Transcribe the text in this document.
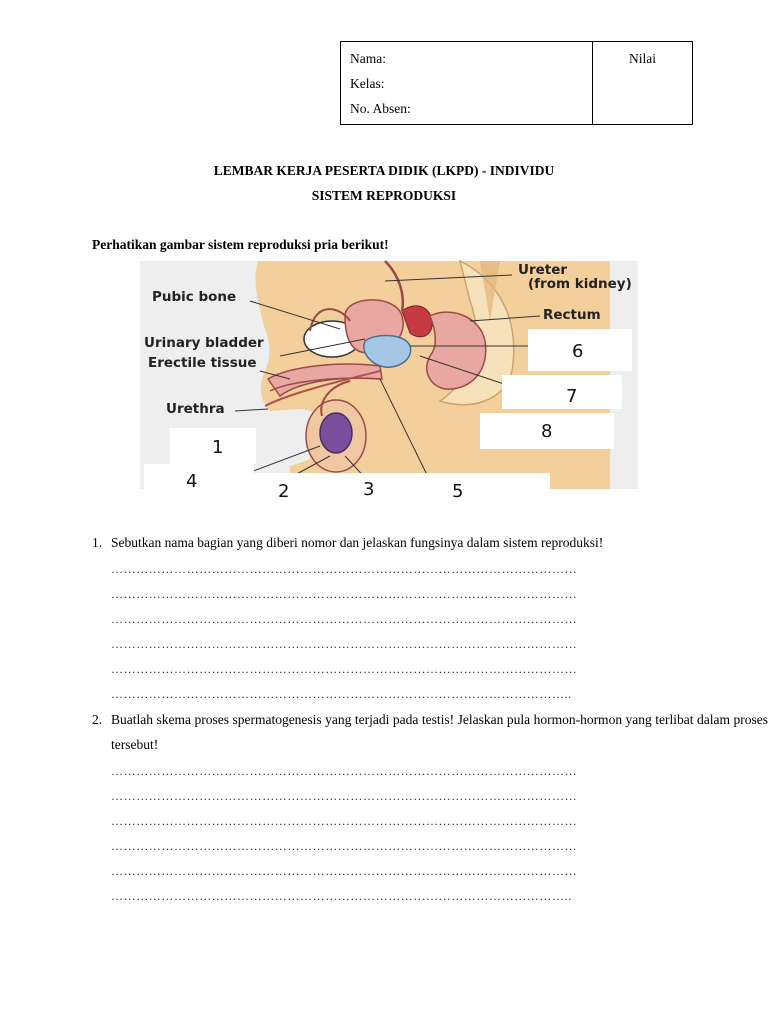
Nama:
Kelas:
No. Absen:
Nilai
LEMBAR KERJA PESERTA DIDIK (LKPD) - INDIVIDU
SISTEM REPRODUKSI
Perhatikan gambar sistem reproduksi pria berikut!
Ureter
(from kidney)
Pubic bone
Rectum
Urinary bladder
Erectile tissue
Urethra
1
2	3
4	5
6
7
8
1. Sebutkan nama bagian yang diberi nomor dan jelaskan fungsinya dalam sistem reproduksi!
…………………………………………………………………………………………………
…………………………………………………………………………………………………
…………………………………………………………………………………………………
…………………………………………………………………………………………………
…………………………………………………………………………………………………
………………………………………………………………………………………………..
2. Buatlah skema proses spermatogenesis yang terjadi pada testis! Jelaskan pula hormon-hormon yang terlibat dalam proses tersebut!
…………………………………………………………………………………………………
…………………………………………………………………………………………………
…………………………………………………………………………………………………
…………………………………………………………………………………………………
…………………………………………………………………………………………………
………………………………………………………………………………………………..
